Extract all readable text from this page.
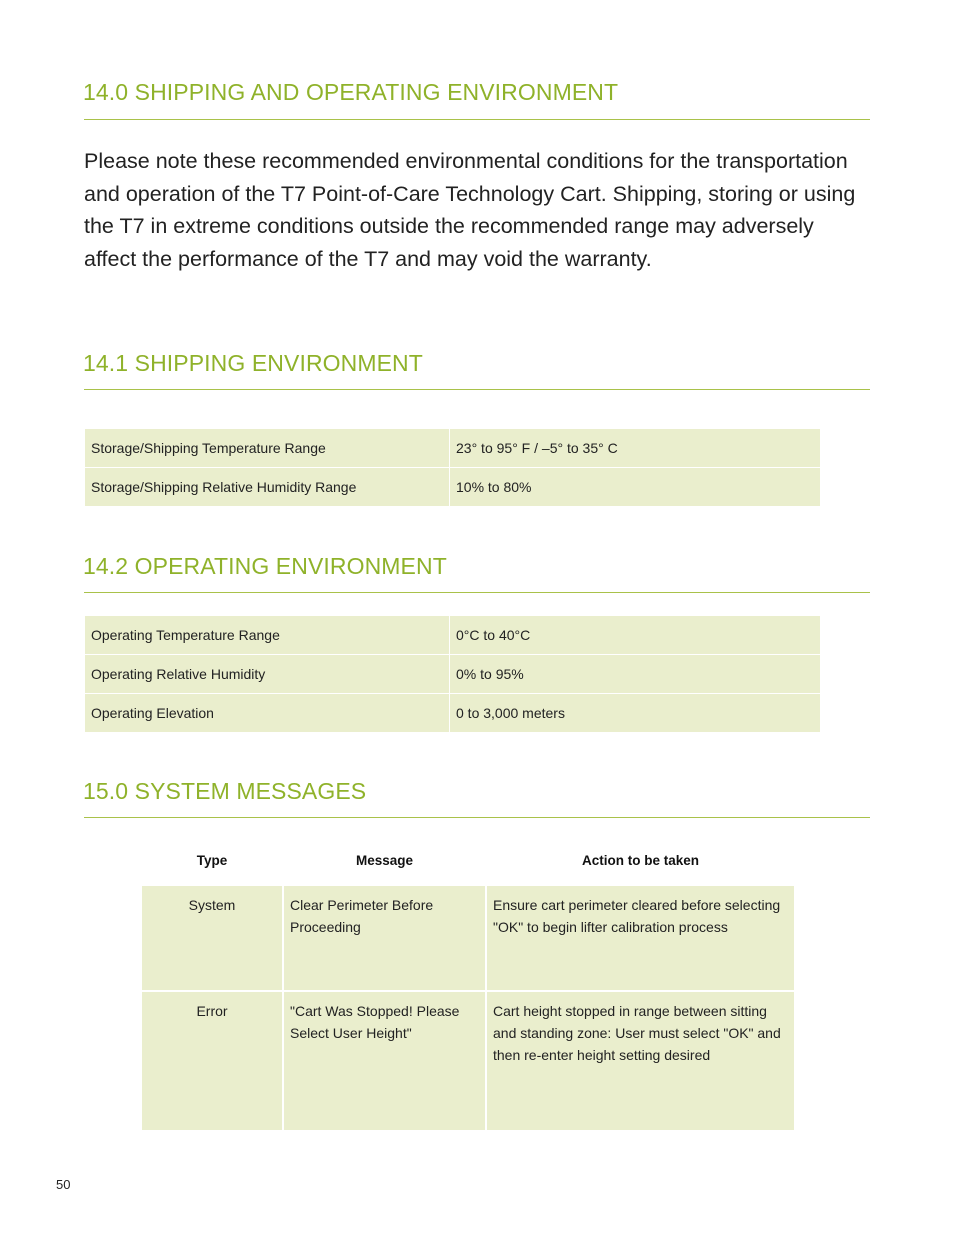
14.0 SHIPPING AND OPERATING ENVIRONMENT

Please note these recommended environmental conditions for the transportation and operation of the T7 Point-of-Care Technology Cart. Shipping, storing or using the T7 in extreme conditions outside the recommended range may adversely affect the performance of the T7 and may void the warranty.

14.1 SHIPPING ENVIRONMENT
Storage/Shipping Temperature Range	23° to 95° F / –5° to 35° C
Storage/Shipping Relative Humidity Range	10% to 80%
14.2 OPERATING ENVIRONMENT
Operating Temperature Range	0°C to 40°C
Operating Relative Humidity	0% to 95%
Operating Elevation	0 to 3,000 meters
15.0 SYSTEM MESSAGES
Type	Message	Action to be taken

System	Clear Perimeter Before Proceeding	Ensure cart perimeter cleared before selecting "OK" to begin lifter calibration process
Error	"Cart Was Stopped! Please Select User Height"	Cart height stopped in range between sitting and standing zone: User must select "OK" and then re-enter height setting desired
50
